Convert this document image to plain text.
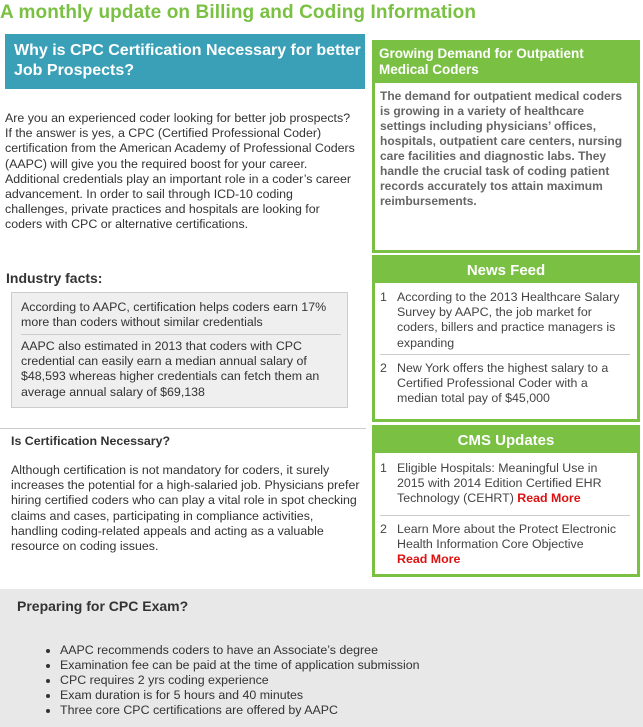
A monthly update on Billing and Coding Information
Why is CPC Certification Necessary for better Job Prospects?
Are you an experienced coder looking for better job prospects? If the answer is yes, a CPC (Certified Professional Coder) certification from the American Academy of Professional Coders (AAPC) will give you the required boost for your career. Additional credentials play an important role in a coder’s career advancement. In order to sail through ICD-10 coding challenges, private practices and hospitals are looking for coders with CPC or alternative certifications.
Industry facts:
According to AAPC, certification helps coders earn 17% more than coders without similar credentials
AAPC also estimated in 2013 that coders with CPC credential can easily earn a median annual salary of $48,593 whereas higher credentials can fetch them an average annual salary of $69,138
Is Certification Necessary?
Although certification is not mandatory for coders, it surely increases the potential for a high-salaried job. Physicians prefer hiring certified coders who can play a vital role in spot checking claims and cases, participating in compliance activities, handling coding-related appeals and acting as a valuable resource on coding issues.
Growing Demand for Outpatient Medical Coders
The demand for outpatient medical coders is growing in a variety of healthcare settings including physicians’ offices, hospitals, outpatient care centers, nursing care facilities and diagnostic labs. They handle the crucial task of coding patient records accurately tos attain maximum reimbursements.
News Feed
1 According to the 2013 Healthcare Salary Survey by AAPC, the job market for coders, billers and practice managers is expanding
2 New York offers the highest salary to a Certified Professional Coder with a median total pay of $45,000
CMS Updates
1 Eligible Hospitals: Meaningful Use in 2015 with 2014 Edition Certified EHR Technology (CEHRT) Read More
2 Learn More about the Protect Electronic Health Information Core Objective
Read More
Preparing for CPC Exam?
• AAPC recommends coders to have an Associate’s degree
• Examination fee can be paid at the time of application submission
• CPC requires 2 yrs coding experience
• Exam duration is for 5 hours and 40 minutes
• Three core CPC certifications are offered by AAPC
